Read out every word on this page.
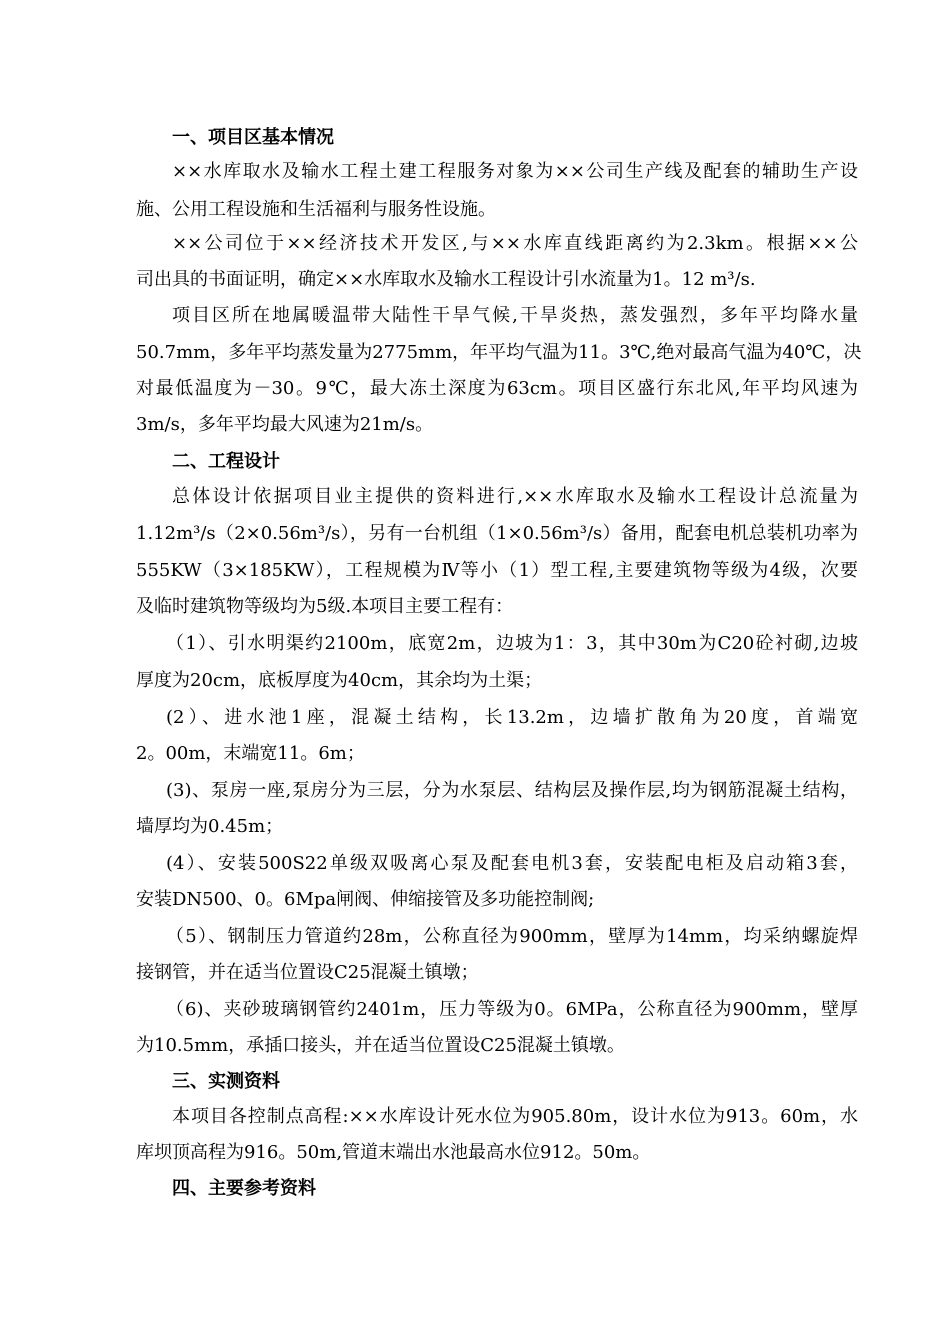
一、项目区基本情况
××水库取水及输水工程土建工程服务对象为××公司生产线及配套的辅助生产设
施、公用工程设施和生活福利与服务性设施。
××公司位于××经济技术开发区,与××水库直线距离约为2.3km。根据××公
司出具的书面证明，确定××水库取水及输水工程设计引水流量为1。12 m³/s.
项目区所在地属暖温带大陆性干旱气候,干旱炎热，蒸发强烈，多年平均降水量
50.7mm，多年平均蒸发量为2775mm，年平均气温为11。3℃,绝对最高气温为40℃，决
对最低温度为－30。9℃，最大冻土深度为63cm。项目区盛行东北风,年平均风速为
3m/s，多年平均最大风速为21m/s。
二、工程设计
总体设计依据项目业主提供的资料进行,××水库取水及输水工程设计总流量为
1.12m³/s（2×0.56m³/s），另有一台机组（1×0.56m³/s）备用，配套电机总装机功率为
555KW（3×185KW），工程规模为Ⅳ等小（1）型工程,主要建筑物等级为4级，次要
及临时建筑物等级均为5级.本项目主要工程有：
（1）、引水明渠约2100m，底宽2m，边坡为1：3，其中30m为C20砼衬砌,边坡
厚度为20cm，底板厚度为40cm，其余均为土渠；
(2）、进水池1座，混凝土结构，长13.2m，边墙扩散角为20度，首端宽
2。00m，末端宽11。6m；
(3)、泵房一座,泵房分为三层，分为水泵层、结构层及操作层,均为钢筋混凝土结构，
墙厚均为0.45m；
(4）、安装500S22单级双吸离心泵及配套电机3套，安装配电柜及启动箱3套，
安装DN500、0。6Mpa闸阀、伸缩接管及多功能控制阀;
（5）、钢制压力管道约28m，公称直径为900mm，壁厚为14mm，均采纳螺旋焊
接钢管，并在适当位置设C25混凝土镇墩；
（6)、夹砂玻璃钢管约2401m，压力等级为0。6MPa，公称直径为900mm，壁厚
为10.5mm，承插口接头，并在适当位置设C25混凝土镇墩。
三、实测资料
本项目各控制点高程:××水库设计死水位为905.80m，设计水位为913。60m，水
库坝顶高程为916。50m,管道末端出水池最高水位912。50m。
四、主要参考资料
